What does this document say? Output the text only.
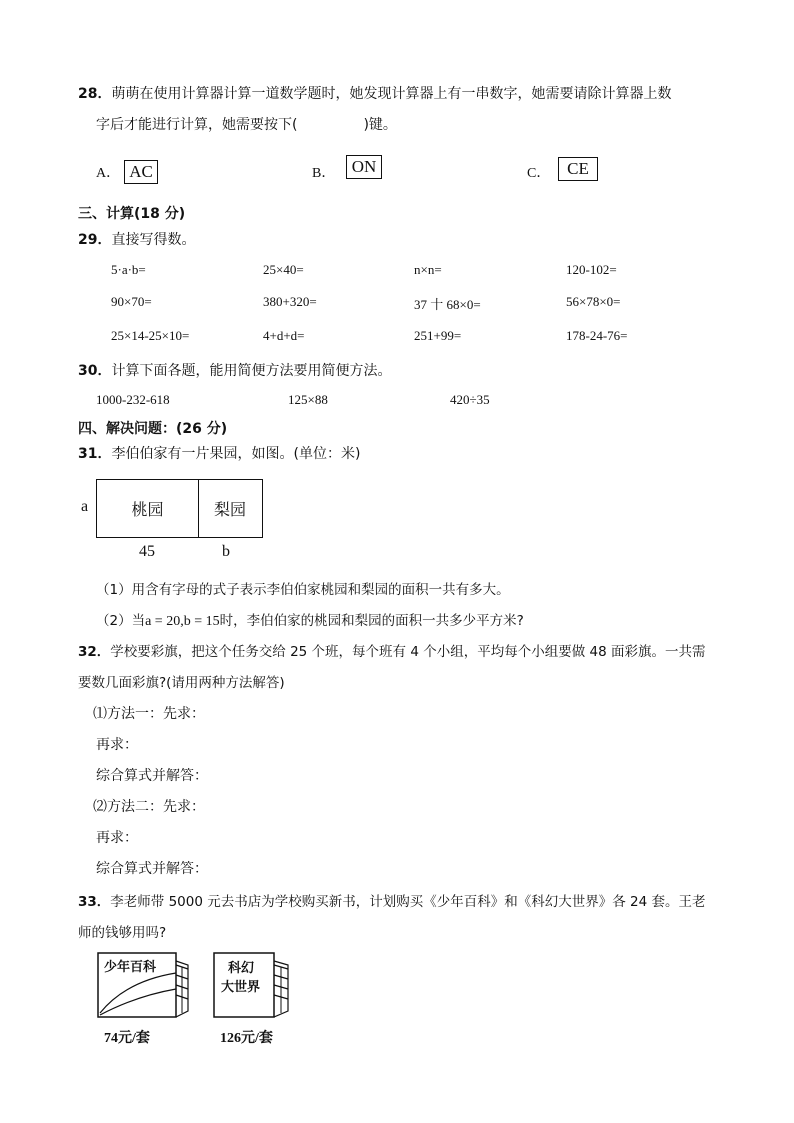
28．萌萌在使用计算器计算一道数学题时，她发现计算器上有一串数字，她需要请除计算器上数
字后才能进行计算，她需要按下(	)键。
A． AC	B． ON	C． CE
三、计算(18 分)
29．直接写得数。
5·a·b=	25×40=	n×n=	120-102=
90×70=	380+320=	37 十 68×0=	56×78×0=
25×14-25×10=	4+d+d=	251+99=	178-24-76=
30．计算下面各题，能用简便方法要用简便方法。
1000-232-618	125×88	420÷35
四、解决问题：(26 分)
31．李伯伯家有一片果园，如图。(单位：米)
a	桃园	梨园
45	b
（1）用含有字母的式子表示李伯伯家桃园和梨园的面积一共有多大。
（2）当a = 20,b = 15时，李伯伯家的桃园和梨园的面积一共多少平方米?
32．学校要彩旗，把这个任务交给 25 个班，每个班有 4 个小组，平均每个小组要做 48 面彩旗。一共需
要数几面彩旗?(请用两种方法解答)
⑴方法一：先求：
再求：
综合算式并解答：
⑵方法二：先求：
再求：
综合算式并解答：
33．李老师带 5000 元去书店为学校购买新书，计划购买《少年百科》和《科幻大世界》各 24 套。王老
师的钱够用吗?
少年百科
74元/套
科幻
大世界
126元/套
